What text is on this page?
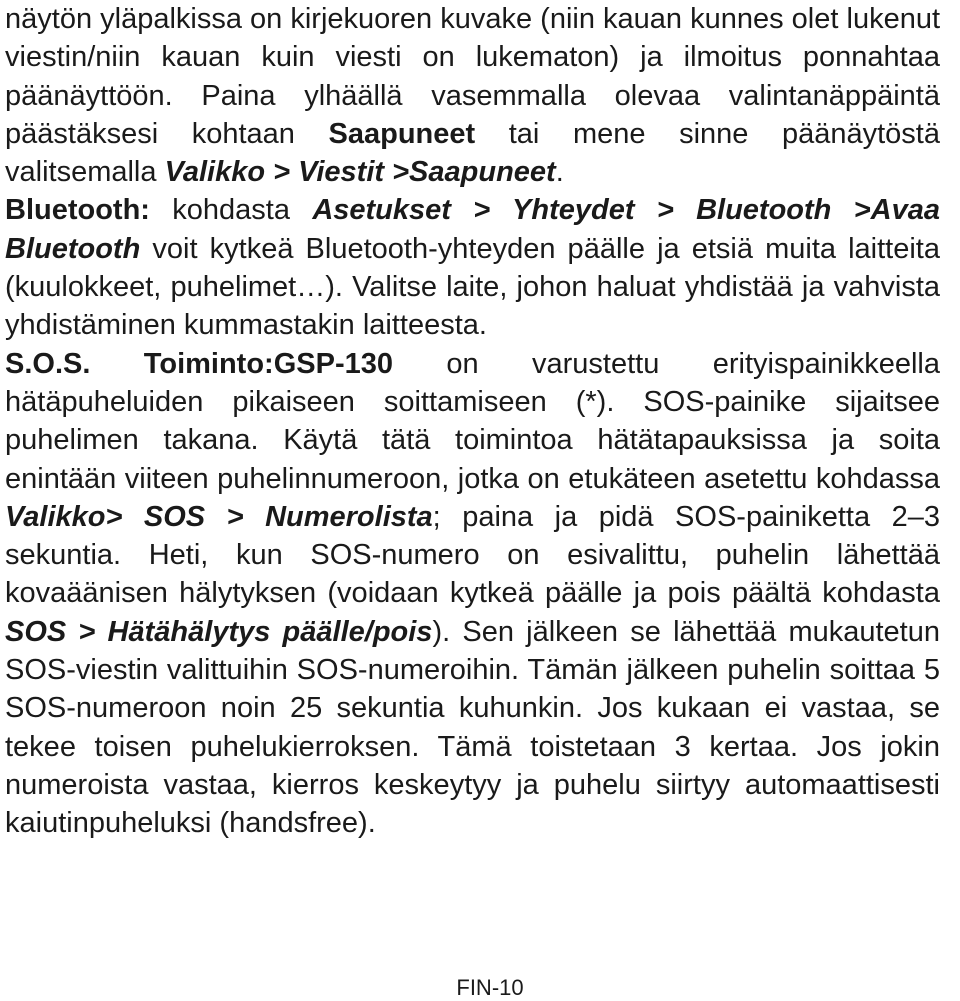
näytön yläpalkissa on kirjekuoren kuvake (niin kauan kunnes olet lukenut viestin/niin kauan kuin viesti on lukematon) ja ilmoitus ponnahtaa päänäyttöön. Paina ylhäällä vasemmalla olevaa valintanäppäintä päästäksesi kohtaan Saapuneet tai mene sinne päänäytöstä valitsemalla Valikko > Viestit >Saapuneet.

Bluetooth: kohdasta Asetukset > Yhteydet > Bluetooth >Avaa Bluetooth voit kytkeä Bluetooth-yhteyden päälle ja etsiä muita laitteita (kuulokkeet, puhelimet…). Valitse laite, johon haluat yhdistää ja vahvista yhdistäminen kummastakin laitteesta.

S.O.S. Toiminto:GSP-130 on varustettu erityispainikkeella hätäpuheluiden pikaiseen soittamiseen (*). SOS-painike sijaitsee puhelimen takana. Käytä tätä toimintoa hätätapauksissa ja soita enintään viiteen puhelinnumeroon, jotka on etukäteen asetettu kohdassa Valikko> SOS > Numerolista; paina ja pidä SOS-painiketta 2–3 sekuntia. Heti, kun SOS-numero on esivalittu, puhelin lähettää kovaäänisen hälytyksen (voidaan kytkeä päälle ja pois päältä kohdasta SOS > Hätähälytys päälle/pois). Sen jälkeen se lähettää mukautetun SOS-viestin valittuihin SOS-numeroihin. Tämän jälkeen puhelin soittaa 5 SOS-numeroon noin 25 sekuntia kuhunkin. Jos kukaan ei vastaa, se tekee toisen puhelukierroksen. Tämä toistetaan 3 kertaa. Jos jokin numeroista vastaa, kierros keskeytyy ja puhelu siirtyy automaattisesti kaiutinpuheluksi (handsfree).

FIN-10
